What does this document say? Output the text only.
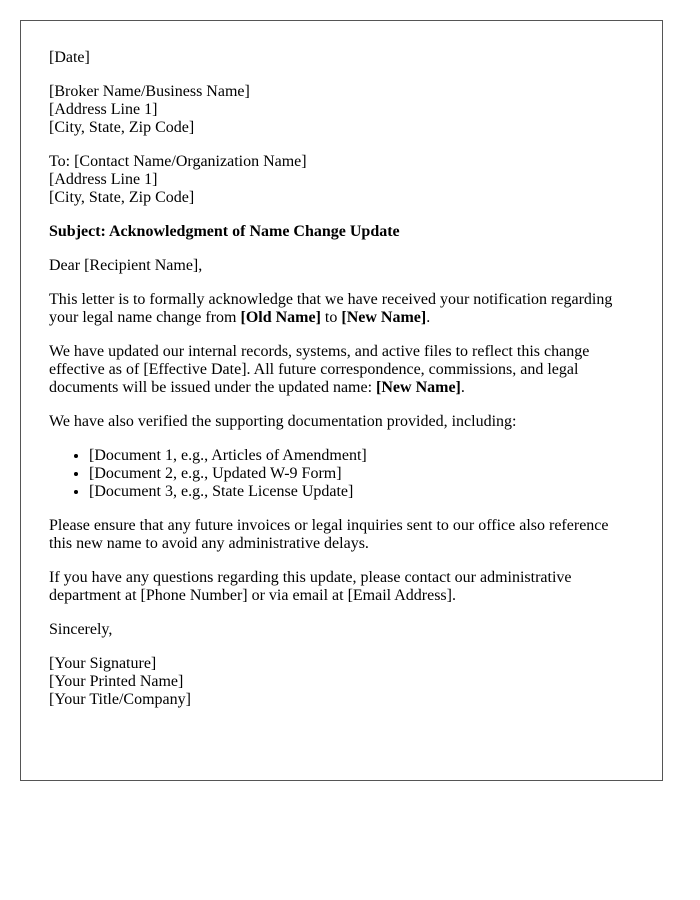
[Date]

[Broker Name/Business Name]
[Address Line 1]
[City, State, Zip Code]

To: [Contact Name/Organization Name]
[Address Line 1]
[City, State, Zip Code]

Subject: Acknowledgment of Name Change Update

Dear [Recipient Name],

This letter is to formally acknowledge that we have received your notification regarding your legal name change from [Old Name] to [New Name].

We have updated our internal records, systems, and active files to reflect this change effective as of [Effective Date]. All future correspondence, commissions, and legal documents will be issued under the updated name: [New Name].

We have also verified the supporting documentation provided, including:

• [Document 1, e.g., Articles of Amendment]
• [Document 2, e.g., Updated W-9 Form]
• [Document 3, e.g., State License Update]

Please ensure that any future invoices or legal inquiries sent to our office also reference this new name to avoid any administrative delays.

If you have any questions regarding this update, please contact our administrative department at [Phone Number] or via email at [Email Address].

Sincerely,

[Your Signature]
[Your Printed Name]
[Your Title/Company]
